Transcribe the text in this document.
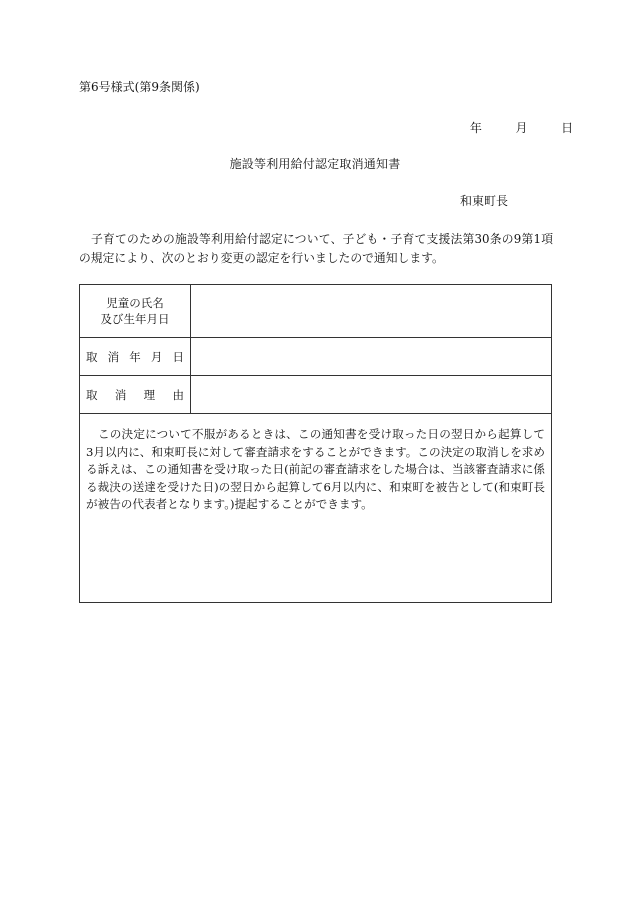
第6号様式(第9条関係)
年	月	日
施設等利用給付認定取消通知書
和東町長
子育てのための施設等利用給付認定について、子ども・子育て支援法第30条の9第1項の規定により、次のとおり変更の認定を行いましたので通知します。
児童の氏名
及び生年月日	

取 消 年 月 日	

取 消 理 由	

この決定について不服があるときは、この通知書を受け取った日の翌日から起算して3月以内に、和束町長に対して審査請求をすることができます。この決定の取消しを求める訴えは、この通知書を受け取った日(前記の審査請求をした場合は、当該審査請求に係る裁決の送達を受けた日)の翌日から起算して6月以内に、和束町を被告として(和束町長が被告の代表者となります。)提起することができます。	
